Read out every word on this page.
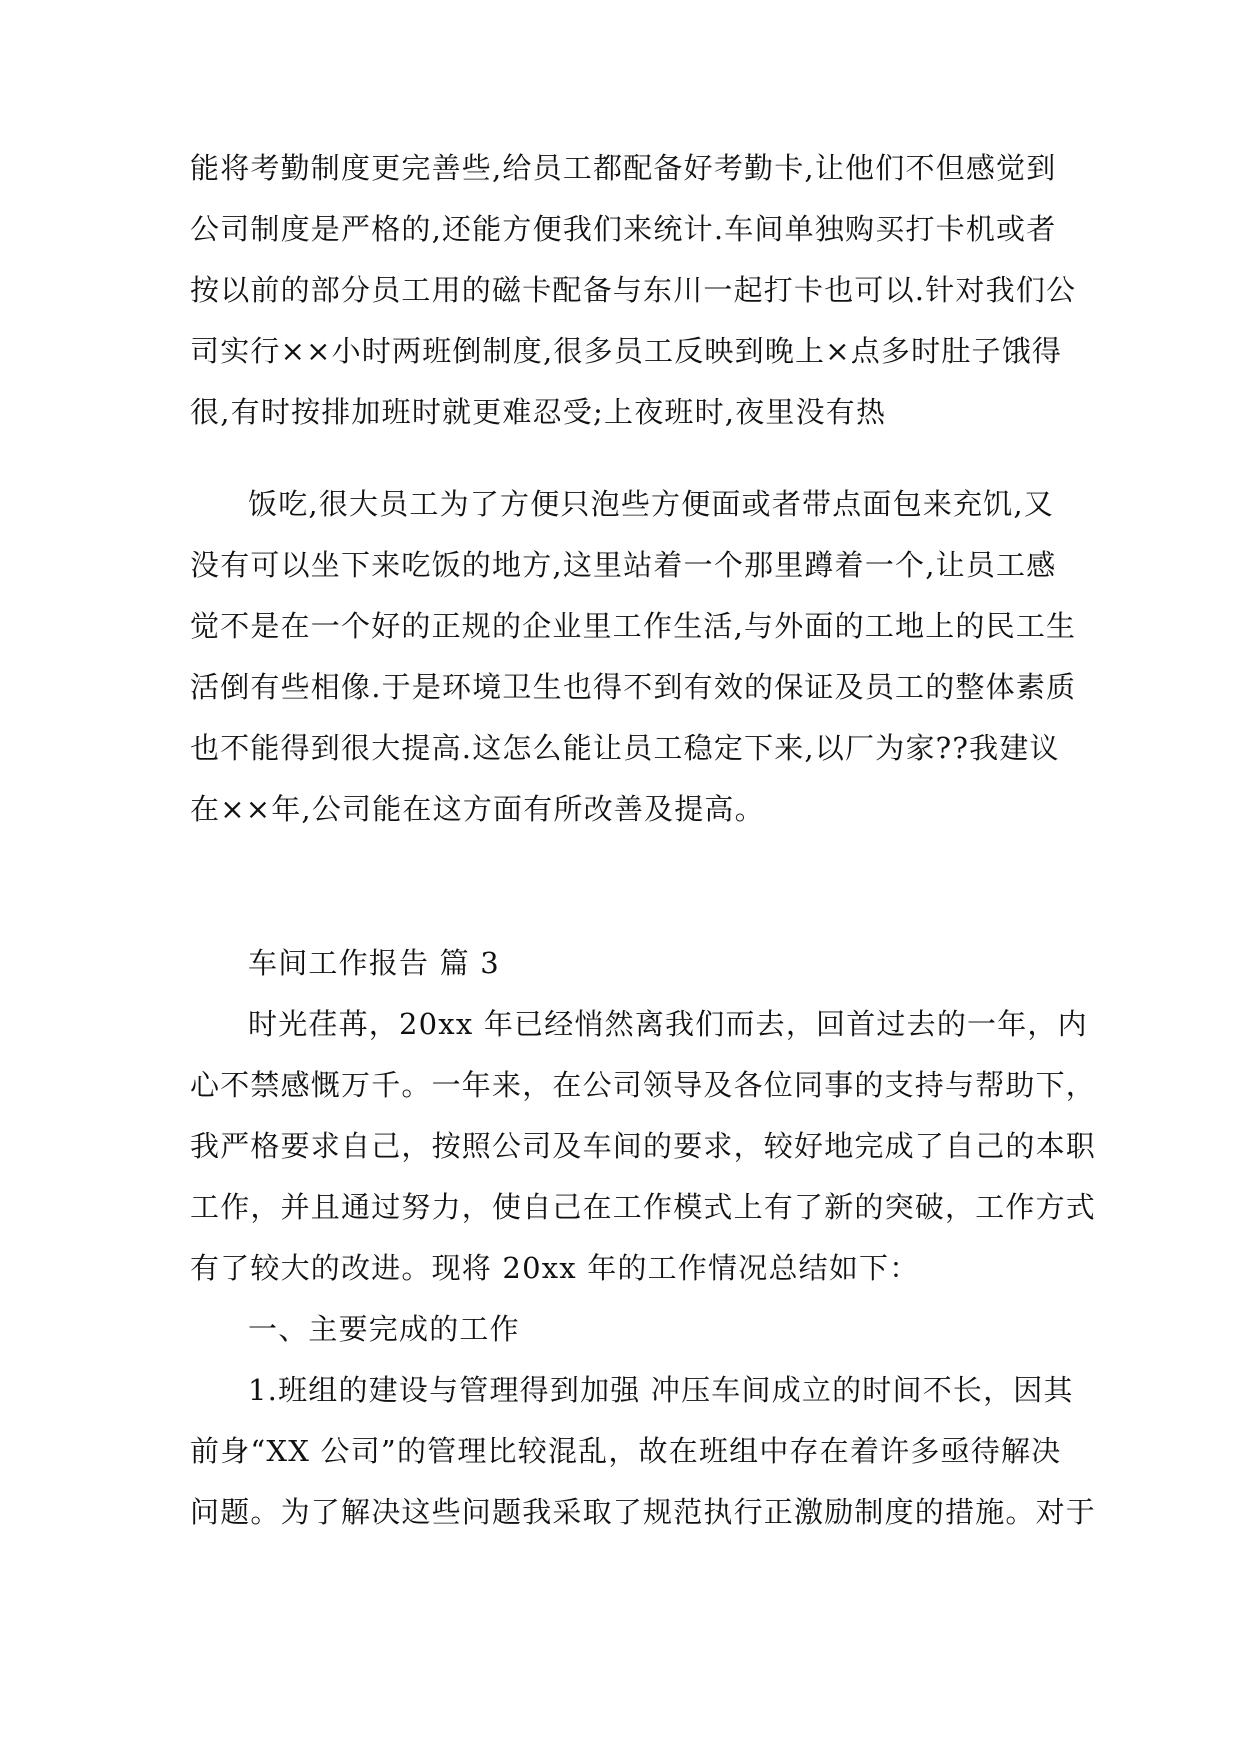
能将考勤制度更完善些,给员工都配备好考勤卡,让他们不但感觉到

公司制度是严格的,还能方便我们来统计.车间单独购买打卡机或者

按以前的部分员工用的磁卡配备与东川一起打卡也可以.针对我们公

司实行××小时两班倒制度,很多员工反映到晚上×点多时肚子饿得

很,有时按排加班时就更难忍受;上夜班时,夜里没有热

饭吃,很大员工为了方便只泡些方便面或者带点面包来充饥,又

没有可以坐下来吃饭的地方,这里站着一个那里蹲着一个,让员工感

觉不是在一个好的正规的企业里工作生活,与外面的工地上的民工生

活倒有些相像.于是环境卫生也得不到有效的保证及员工的整体素质

也不能得到很大提高.这怎么能让员工稳定下来,以厂为家??我建议

在××年,公司能在这方面有所改善及提高。

车间工作报告 篇 3

时光荏苒，20xx 年已经悄然离我们而去，回首过去的一年，内

心不禁感慨万千。一年来，在公司领导及各位同事的支持与帮助下，

我严格要求自己，按照公司及车间的要求，较好地完成了自己的本职

工作，并且通过努力，使自己在工作模式上有了新的突破，工作方式

有了较大的改进。现将 20xx 年的工作情况总结如下：

一、主要完成的工作

1.班组的建设与管理得到加强 冲压车间成立的时间不长，因其

前身“XX 公司”的管理比较混乱，故在班组中存在着许多亟待解决

问题。为了解决这些问题我采取了规范执行正激励制度的措施。对于
